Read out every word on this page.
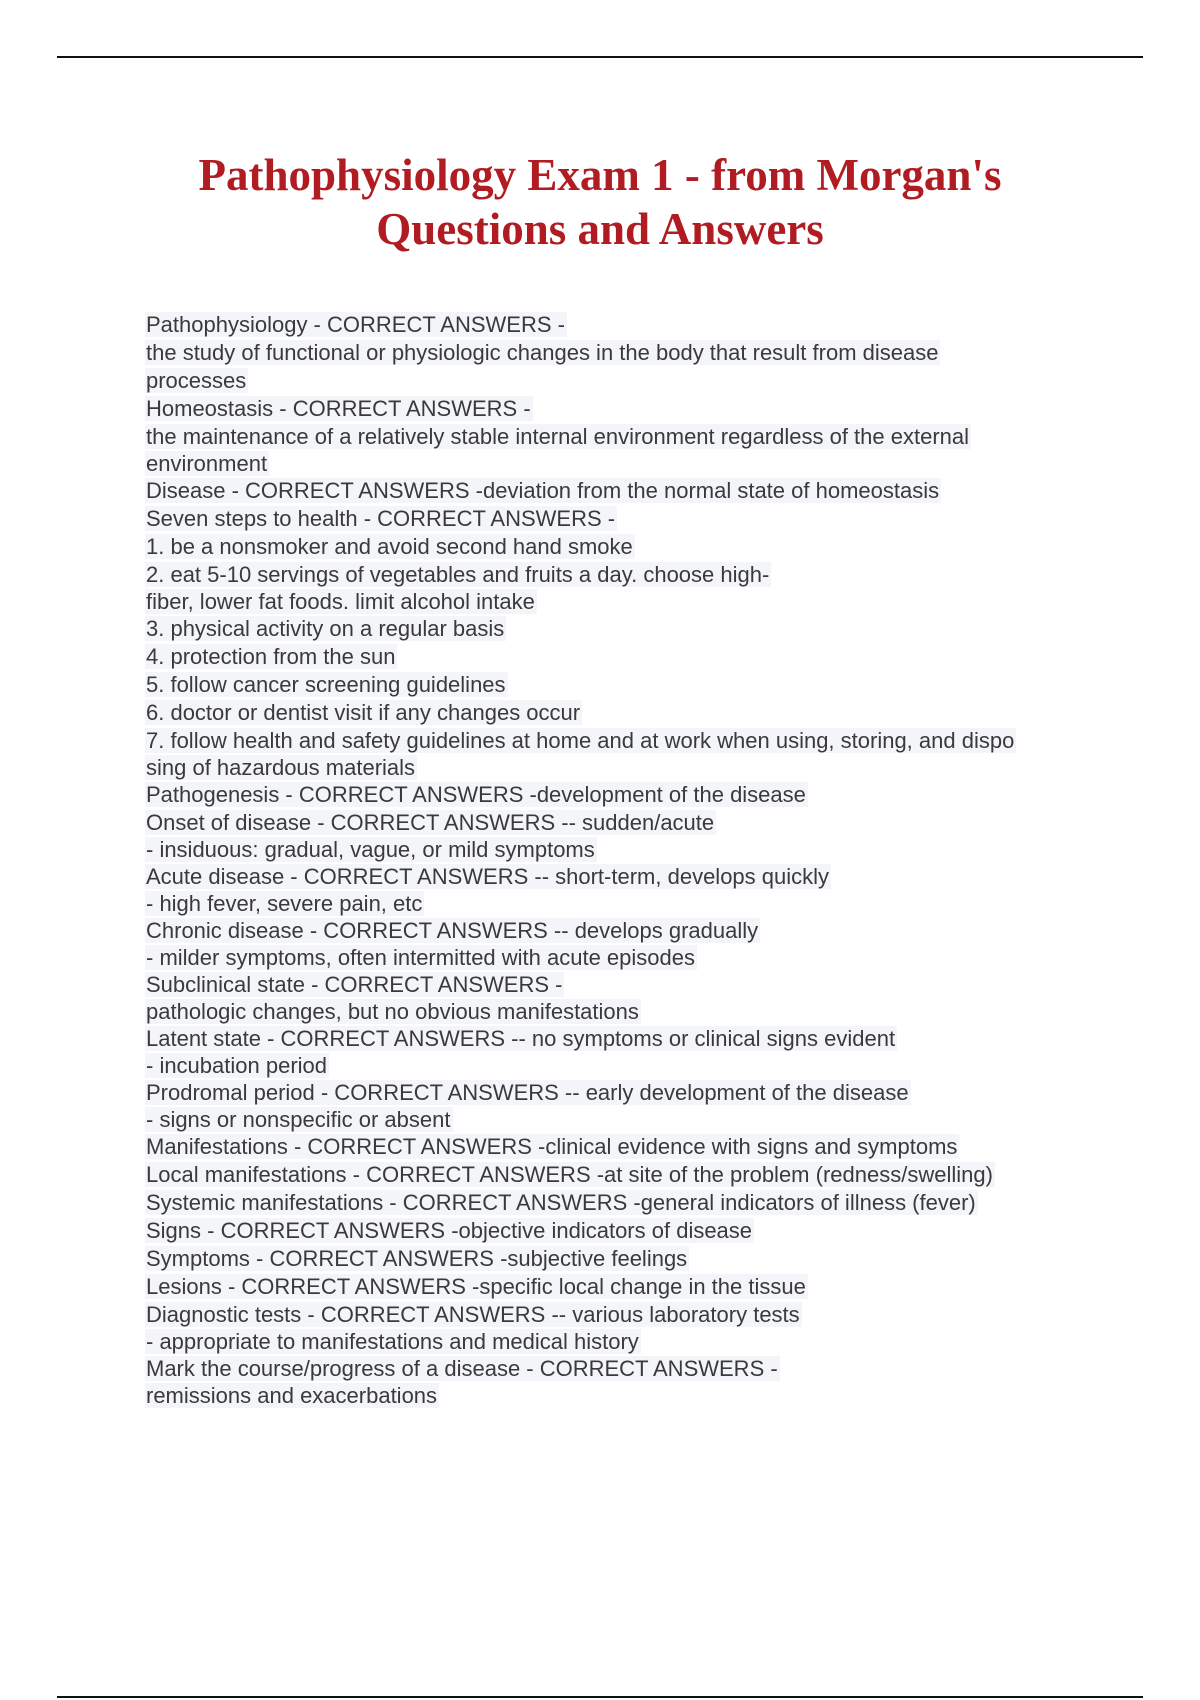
Pathophysiology Exam 1 - from Morgan's
Questions and Answers
Pathophysiology - CORRECT ANSWERS -
the study of functional or physiologic changes in the body that result from disease
processes
Homeostasis - CORRECT ANSWERS -
the maintenance of a relatively stable internal environment regardless of the external
environment
Disease - CORRECT ANSWERS -deviation from the normal state of homeostasis
Seven steps to health - CORRECT ANSWERS -
1. be a nonsmoker and avoid second hand smoke
2. eat 5-10 servings of vegetables and fruits a day. choose high-
fiber, lower fat foods. limit alcohol intake
3. physical activity on a regular basis
4. protection from the sun
5. follow cancer screening guidelines
6. doctor or dentist visit if any changes occur
7. follow health and safety guidelines at home and at work when using, storing, and dispo
sing of hazardous materials
Pathogenesis - CORRECT ANSWERS -development of the disease
Onset of disease - CORRECT ANSWERS -- sudden/acute
- insiduous: gradual, vague, or mild symptoms
Acute disease - CORRECT ANSWERS -- short-term, develops quickly
- high fever, severe pain, etc
Chronic disease - CORRECT ANSWERS -- develops gradually
- milder symptoms, often intermitted with acute episodes
Subclinical state - CORRECT ANSWERS -
pathologic changes, but no obvious manifestations
Latent state - CORRECT ANSWERS -- no symptoms or clinical signs evident
- incubation period
Prodromal period - CORRECT ANSWERS -- early development of the disease
- signs or nonspecific or absent
Manifestations - CORRECT ANSWERS -clinical evidence with signs and symptoms
Local manifestations - CORRECT ANSWERS -at site of the problem (redness/swelling)
Systemic manifestations - CORRECT ANSWERS -general indicators of illness (fever)
Signs - CORRECT ANSWERS -objective indicators of disease
Symptoms - CORRECT ANSWERS -subjective feelings
Lesions - CORRECT ANSWERS -specific local change in the tissue
Diagnostic tests - CORRECT ANSWERS -- various laboratory tests
- appropriate to manifestations and medical history
Mark the course/progress of a disease - CORRECT ANSWERS -
remissions and exacerbations
